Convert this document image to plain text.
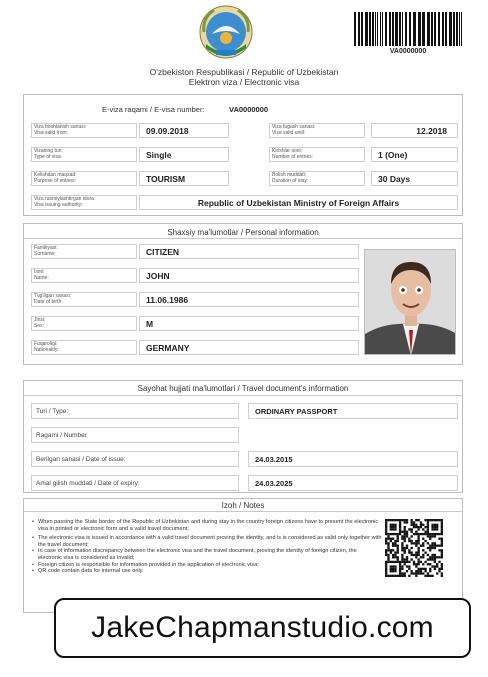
VA0000000
O'zbekiston Respublikasi / Republic of Uzbekistan
Elektron viza / Electronic visa
E-viza raqami / E-visa number:	VA0000000
Viza boshlanish sanasi:
Visa valid from:	09.09.2018	Viza tugash sanasi:
Visa valid until:	12.2018
Vizaning turi:
Type of visa:	Single	Kirishlar soni:
Number of entries:	1 (One)
Kelishdan maqsad:
Purpose of entries:	TOURISM	Bolish muddati:
Duration of stay:	30 Days
Viza rasmiylashtirgan idora:
Visa issuing authority:	Republic of Uzbekistan Ministry of Foreign Affairs
Shaxsiy ma'lumotlar / Personal information
Familiyasi:
Surname:	CITIZEN
Ismi:
Name:	JOHN
Tug'ilgan sanasi:
Date of birth:	11.06.1986
Jinsi:
Sex:	M
Fuqaroligi:
Nationality:	GERMANY
Sayohat hujjati ma'lumotlari / Travel document's information
Turi / Type:	ORDINARY PASSPORT
Ragami / Number
Berilgan sanasi / Date of issue:	24.03.2015
Amal gilish muddati / Date of expiry:	24.03.2025
Izoh / Notes
• When passing the State border of the Republic of Uzbekistan and during stay in the country foreign citizens have to present the electronic visa in printed or electronic form and a valid travel document;
• The electronic visa is issued in accordance with a valid travel document proving the identity, and is is considered as valid only together with the travel document;
• In case of information discrepancy between the electronic visa and the travel document, proving the identity of foreign citizen, the electronic visa is considered as invalid;
• Foreign citizen is responsible for information provided in the application of electronic visa;
• QR code contain data for internal use only.
JakeChapmanstudio.com
